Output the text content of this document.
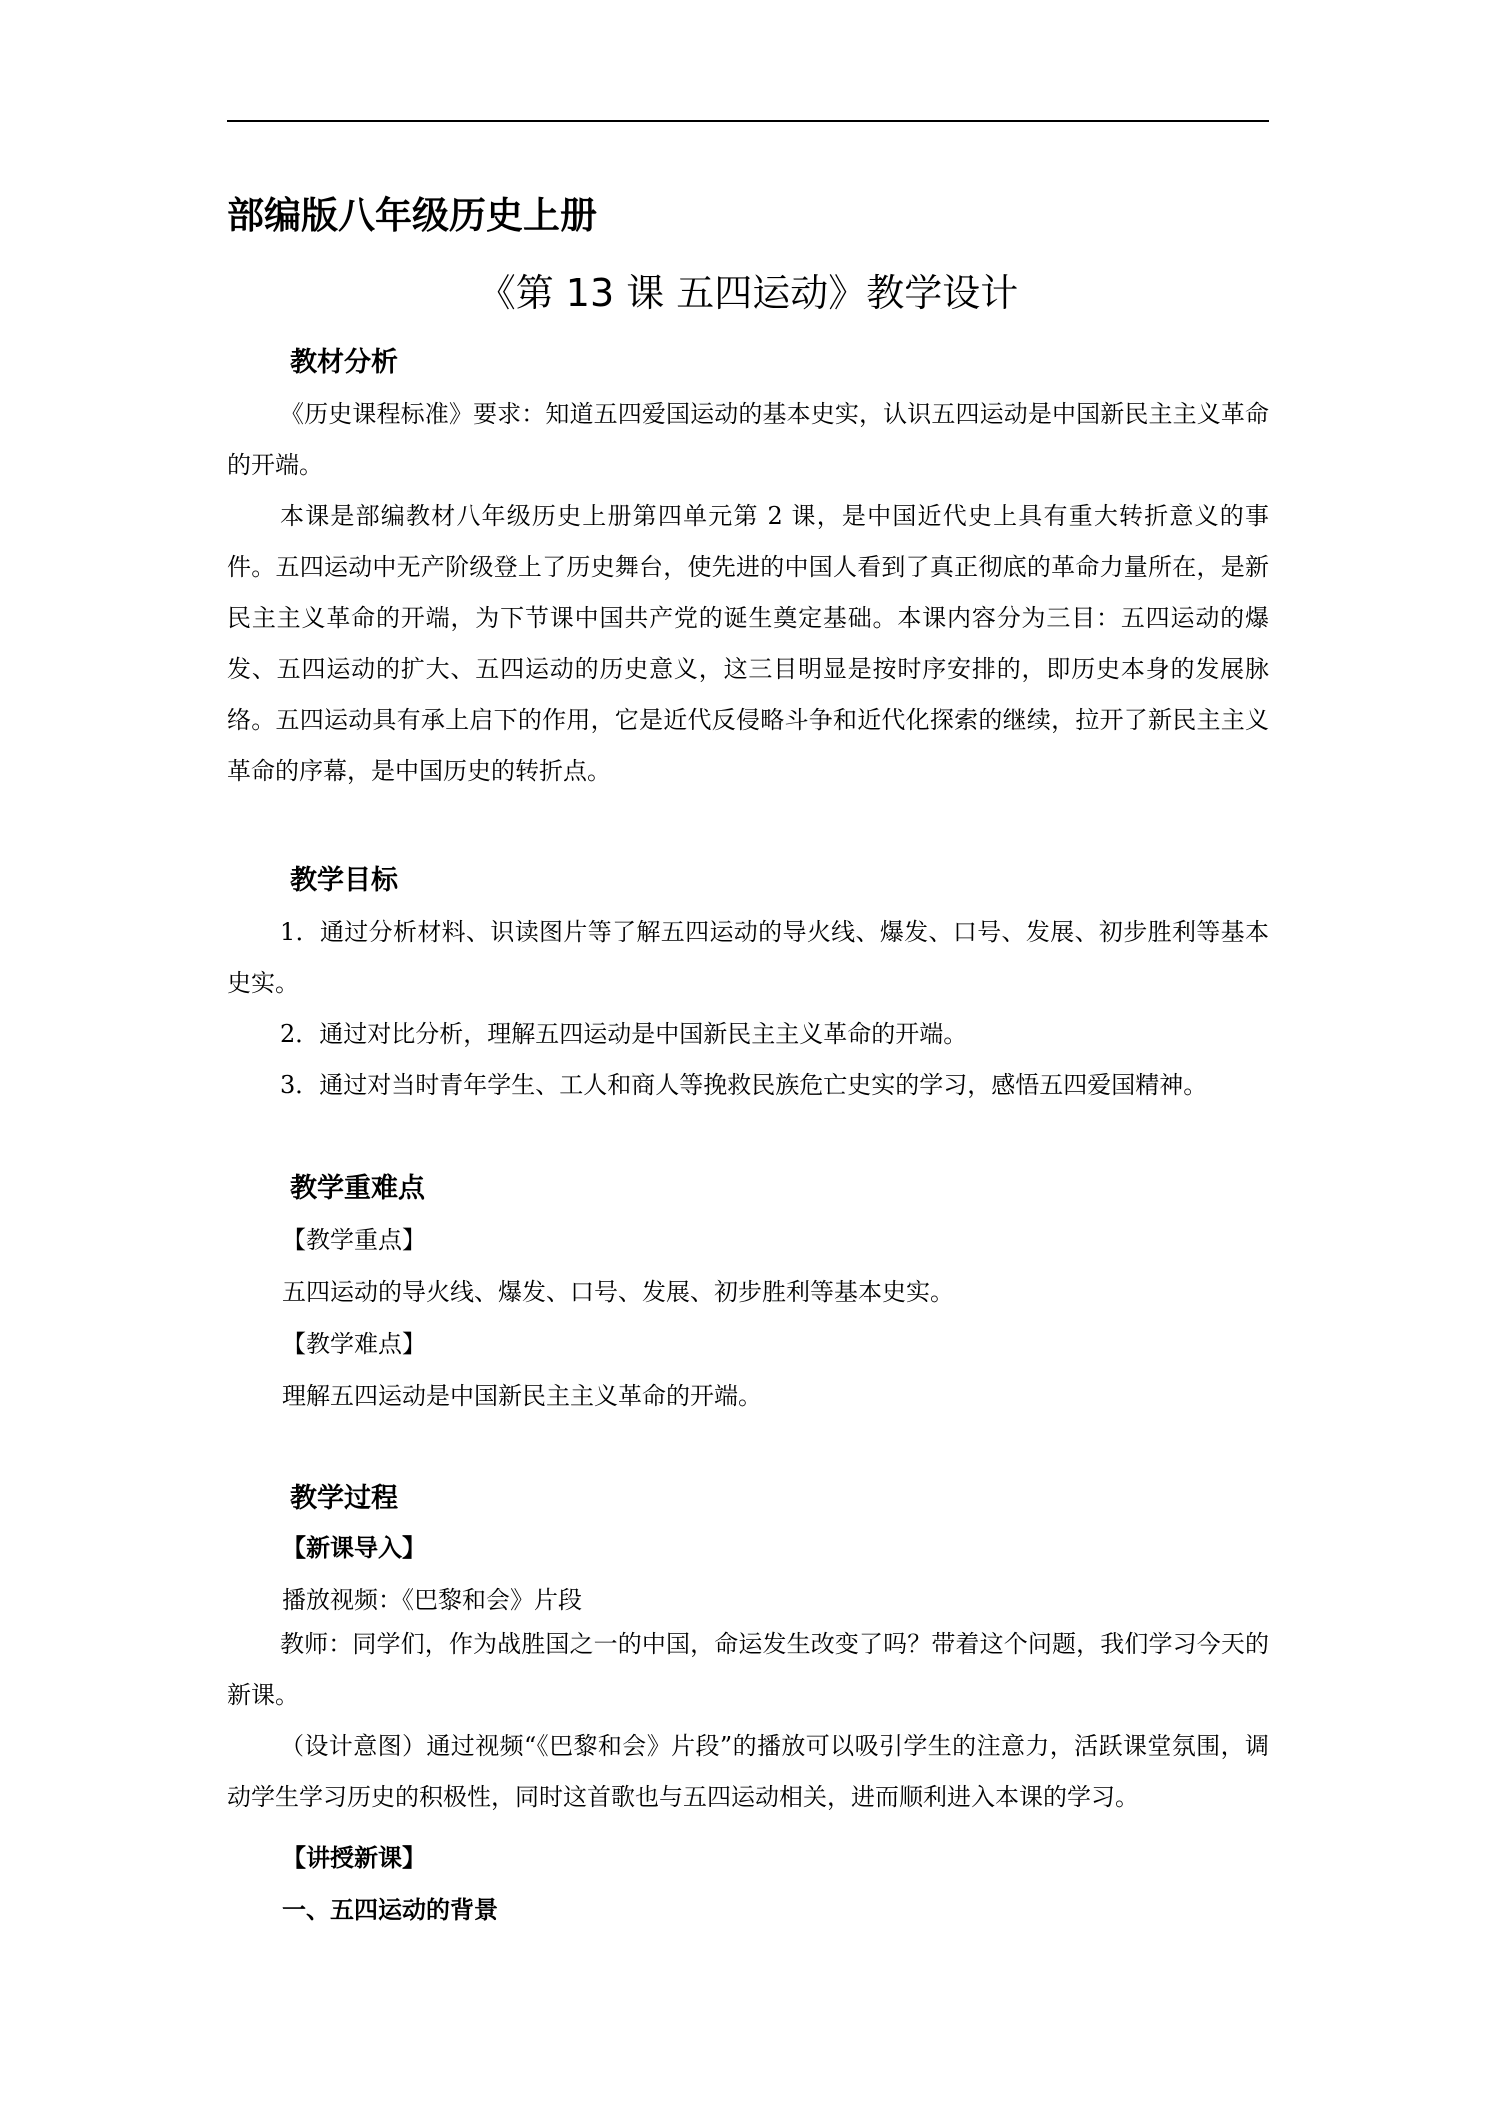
部编版八年级历史上册
《第 13 课 五四运动》教学设计
教材分析
《历史课程标准》要求：知道五四爱国运动的基本史实，认识五四运动是中国新民主主义革命的开端。
本课是部编教材八年级历史上册第四单元第 2 课，是中国近代史上具有重大转折意义的事件。五四运动中无产阶级登上了历史舞台，使先进的中国人看到了真正彻底的革命力量所在，是新民主主义革命的开端，为下节课中国共产党的诞生奠定基础。本课内容分为三目：五四运动的爆发、五四运动的扩大、五四运动的历史意义，这三目明显是按时序安排的，即历史本身的发展脉络。五四运动具有承上启下的作用，它是近代反侵略斗争和近代化探索的继续，拉开了新民主主义革命的序幕，是中国历史的转折点。
教学目标
1．通过分析材料、识读图片等了解五四运动的导火线、爆发、口号、发展、初步胜利等基本史实。
2．通过对比分析，理解五四运动是中国新民主主义革命的开端。
3．通过对当时青年学生、工人和商人等挽救民族危亡史实的学习，感悟五四爱国精神。
教学重难点
【教学重点】
五四运动的导火线、爆发、口号、发展、初步胜利等基本史实。
【教学难点】
理解五四运动是中国新民主主义革命的开端。
教学过程
【新课导入】
播放视频：《巴黎和会》片段
教师：同学们，作为战胜国之一的中国，命运发生改变了吗？带着这个问题，我们学习今天的新课。
（设计意图）通过视频“《巴黎和会》片段”的播放可以吸引学生的注意力，活跃课堂氛围，调动学生学习历史的积极性，同时这首歌也与五四运动相关，进而顺利进入本课的学习。
【讲授新课】
一、五四运动的背景
